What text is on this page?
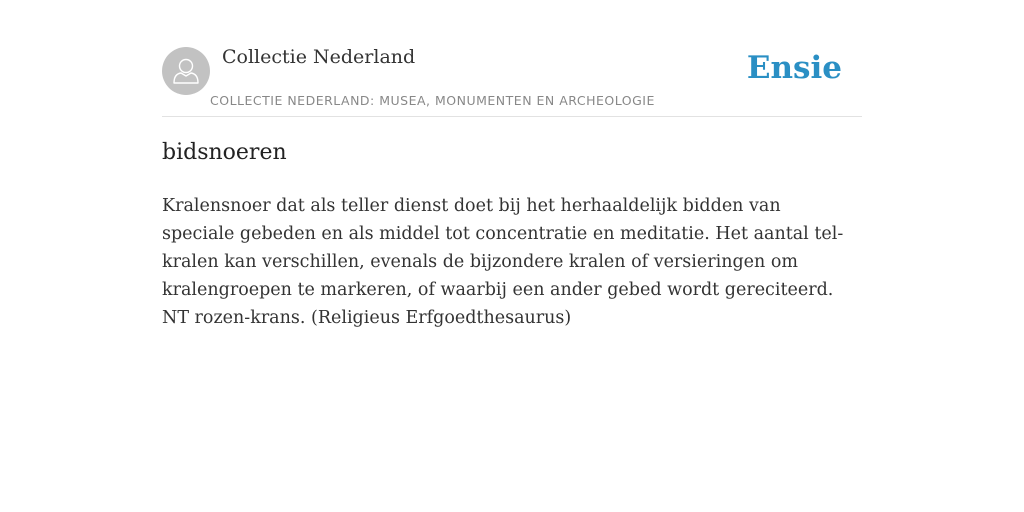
Collectie Nederland
COLLECTIE NEDERLAND: MUSEA, MONUMENTEN EN ARCHEOLOGIE
Ensie
bidsnoeren

Kralensnoer dat als teller dienst doet bij het herhaaldelijk bidden van speciale gebeden en als middel tot concentratie en meditatie. Het aantal tel-kralen kan verschillen, evenals de bijzondere kralen of versieringen om kralengroepen te markeren, of waarbij een ander gebed wordt gereciteerd. NT rozen-krans. (Religieus Erfgoedthesaurus)
